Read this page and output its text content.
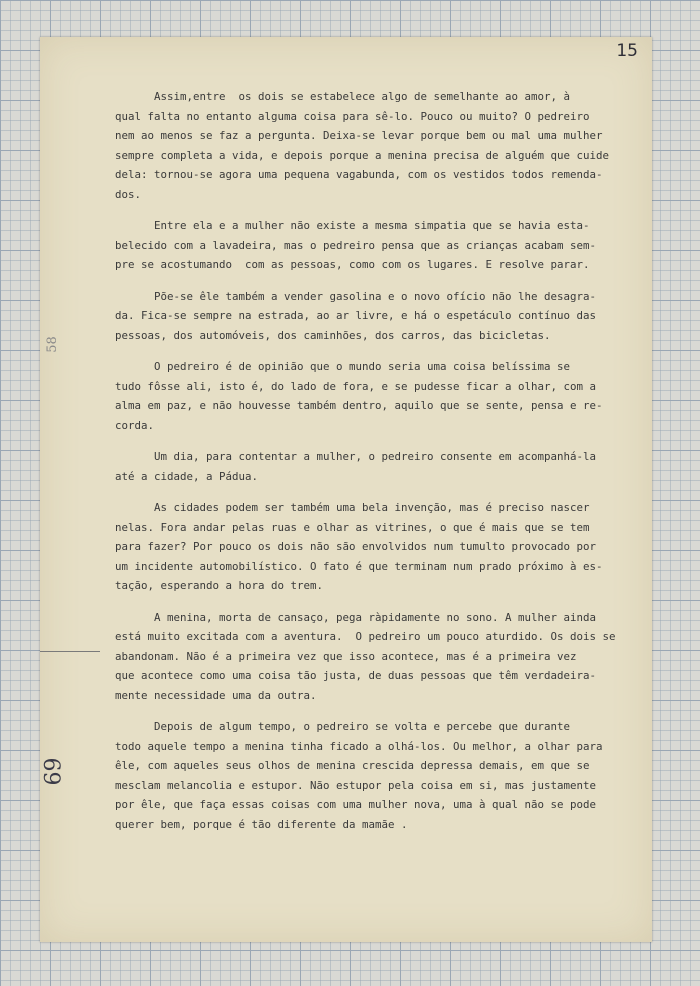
15
58
69
Assim,entre  os dois se estabelece algo de semelhante ao amor, à
qual falta no entanto alguma coisa para sê-lo. Pouco ou muito? O pedreiro
nem ao menos se faz a pergunta. Deixa-se levar porque bem ou mal uma mulher
sempre completa a vida, e depois porque a menina precisa de alguém que cuide
dela: tornou-se agora uma pequena vagabunda, com os vestidos todos remenda-
dos.
Entre ela e a mulher não existe a mesma simpatia que se havia esta-
belecido com a lavadeira, mas o pedreiro pensa que as crianças acabam sem-
pre se acostumando  com as pessoas, como com os lugares. E resolve parar.
Põe-se êle também a vender gasolina e o novo ofício não lhe desagra-
da. Fica-se sempre na estrada, ao ar livre, e há o espetáculo contínuo das
pessoas, dos automóveis, dos caminhões, dos carros, das bicicletas.
O pedreiro é de opinião que o mundo seria uma coisa belíssima se
tudo fôsse ali, isto é, do lado de fora, e se pudesse ficar a olhar, com a
alma em paz, e não houvesse também dentro, aquilo que se sente, pensa e re-
corda.
Um dia, para contentar a mulher, o pedreiro consente em acompanhá-la
até a cidade, a Pádua.
As cidades podem ser também uma bela invenção, mas é preciso nascer
nelas. Fora andar pelas ruas e olhar as vitrines, o que é mais que se tem
para fazer? Por pouco os dois não são envolvidos num tumulto provocado por
um incidente automobilístico. O fato é que terminam num prado próximo à es-
tação, esperando a hora do trem.
A menina, morta de cansaço, pega ràpidamente no sono. A mulher ainda
está muito excitada com a aventura.  O pedreiro um pouco aturdido. Os dois se
abandonam. Não é a primeira vez que isso acontece, mas é a primeira vez
que acontece como uma coisa tão justa, de duas pessoas que têm verdadeira-
mente necessidade uma da outra.
Depois de algum tempo, o pedreiro se volta e percebe que durante
todo aquele tempo a menina tinha ficado a olhá-los. Ou melhor, a olhar para
êle, com aqueles seus olhos de menina crescida depressa demais, em que se
mesclam melancolia e estupor. Não estupor pela coisa em si, mas justamente
por êle, que faça essas coisas com uma mulher nova, uma à qual não se pode
querer bem, porque é tão diferente da mamãe .
